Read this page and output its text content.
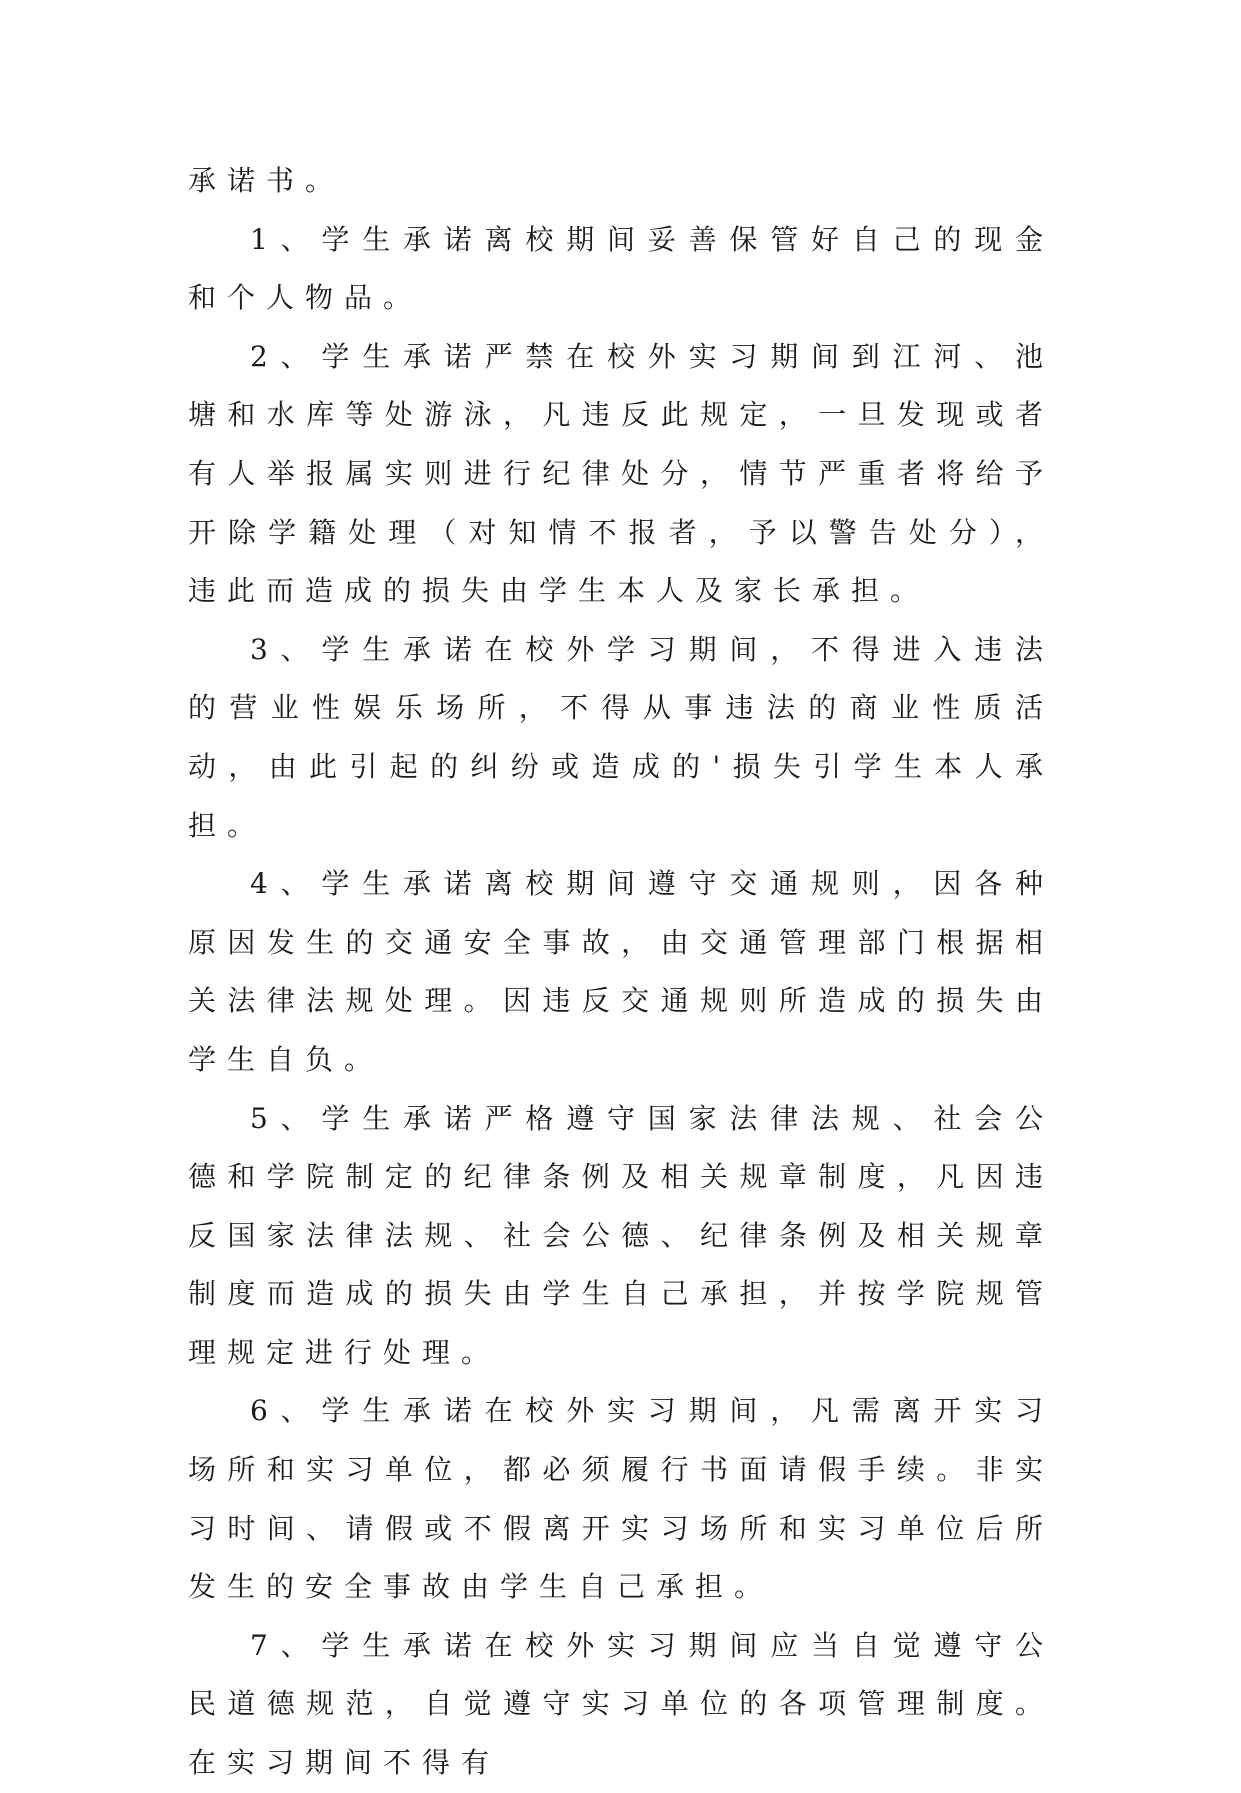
承诺书。

1、学生承诺离校期间妥善保管好自己的现金和个人物品。

2、学生承诺严禁在校外实习期间到江河、池塘和水库等处游泳，凡违反此规定，一旦发现或者有人举报属实则进行纪律处分，情节严重者将给予开除学籍处理（对知情不报者，予以警告处分），违此而造成的损失由学生本人及家长承担。

3、学生承诺在校外学习期间，不得进入违法的营业性娱乐场所，不得从事违法的商业性质活动，由此引起的纠纷或造成的'损失引学生本人承担。

4、学生承诺离校期间遵守交通规则，因各种原因发生的交通安全事故，由交通管理部门根据相关法律法规处理。因违反交通规则所造成的损失由学生自负。

5、学生承诺严格遵守国家法律法规、社会公德和学院制定的纪律条例及相关规章制度，凡因违反国家法律法规、社会公德、纪律条例及相关规章制度而造成的损失由学生自己承担，并按学院规管理规定进行处理。

6、学生承诺在校外实习期间，凡需离开实习场所和实习单位，都必须履行书面请假手续。非实习时间、请假或不假离开实习场所和实习单位后所发生的安全事故由学生自己承担。

7、学生承诺在校外实习期间应当自觉遵守公民道德规范，自觉遵守实习单位的各项管理制度。在实习期间不得有
